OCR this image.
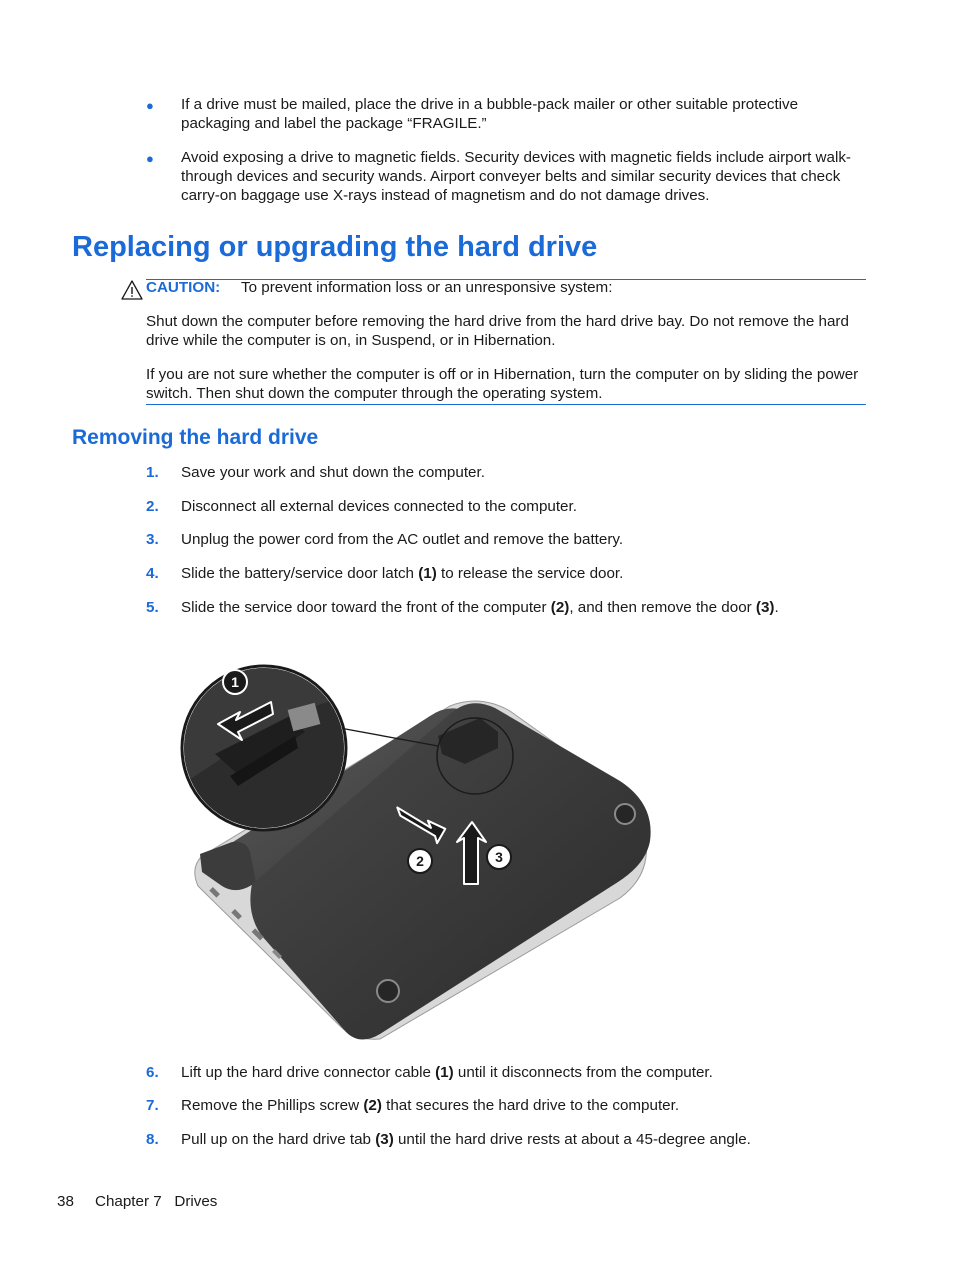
● If a drive must be mailed, place the drive in a bubble-pack mailer or other suitable protective packaging and label the package “FRAGILE.”
● Avoid exposing a drive to magnetic fields. Security devices with magnetic fields include airport walk-through devices and security wands. Airport conveyer belts and similar security devices that check carry-on baggage use X-rays instead of magnetism and do not damage drives.
Replacing or upgrading the hard drive
CAUTION: To prevent information loss or an unresponsive system:
Shut down the computer before removing the hard drive from the hard drive bay. Do not remove the hard drive while the computer is on, in Suspend, or in Hibernation.
If you are not sure whether the computer is off or in Hibernation, turn the computer on by sliding the power switch. Then shut down the computer through the operating system.
Removing the hard drive
1. Save your work and shut down the computer.
2. Disconnect all external devices connected to the computer.
3. Unplug the power cord from the AC outlet and remove the battery.
4. Slide the battery/service door latch (1) to release the service door.
5. Slide the service door toward the front of the computer (2), and then remove the door (3).
1
2	3
6. Lift up the hard drive connector cable (1) until it disconnects from the computer.
7. Remove the Phillips screw (2) that secures the hard drive to the computer.
8. Pull up on the hard drive tab (3) until the hard drive rests at about a 45-degree angle.
38 Chapter 7   Drives
